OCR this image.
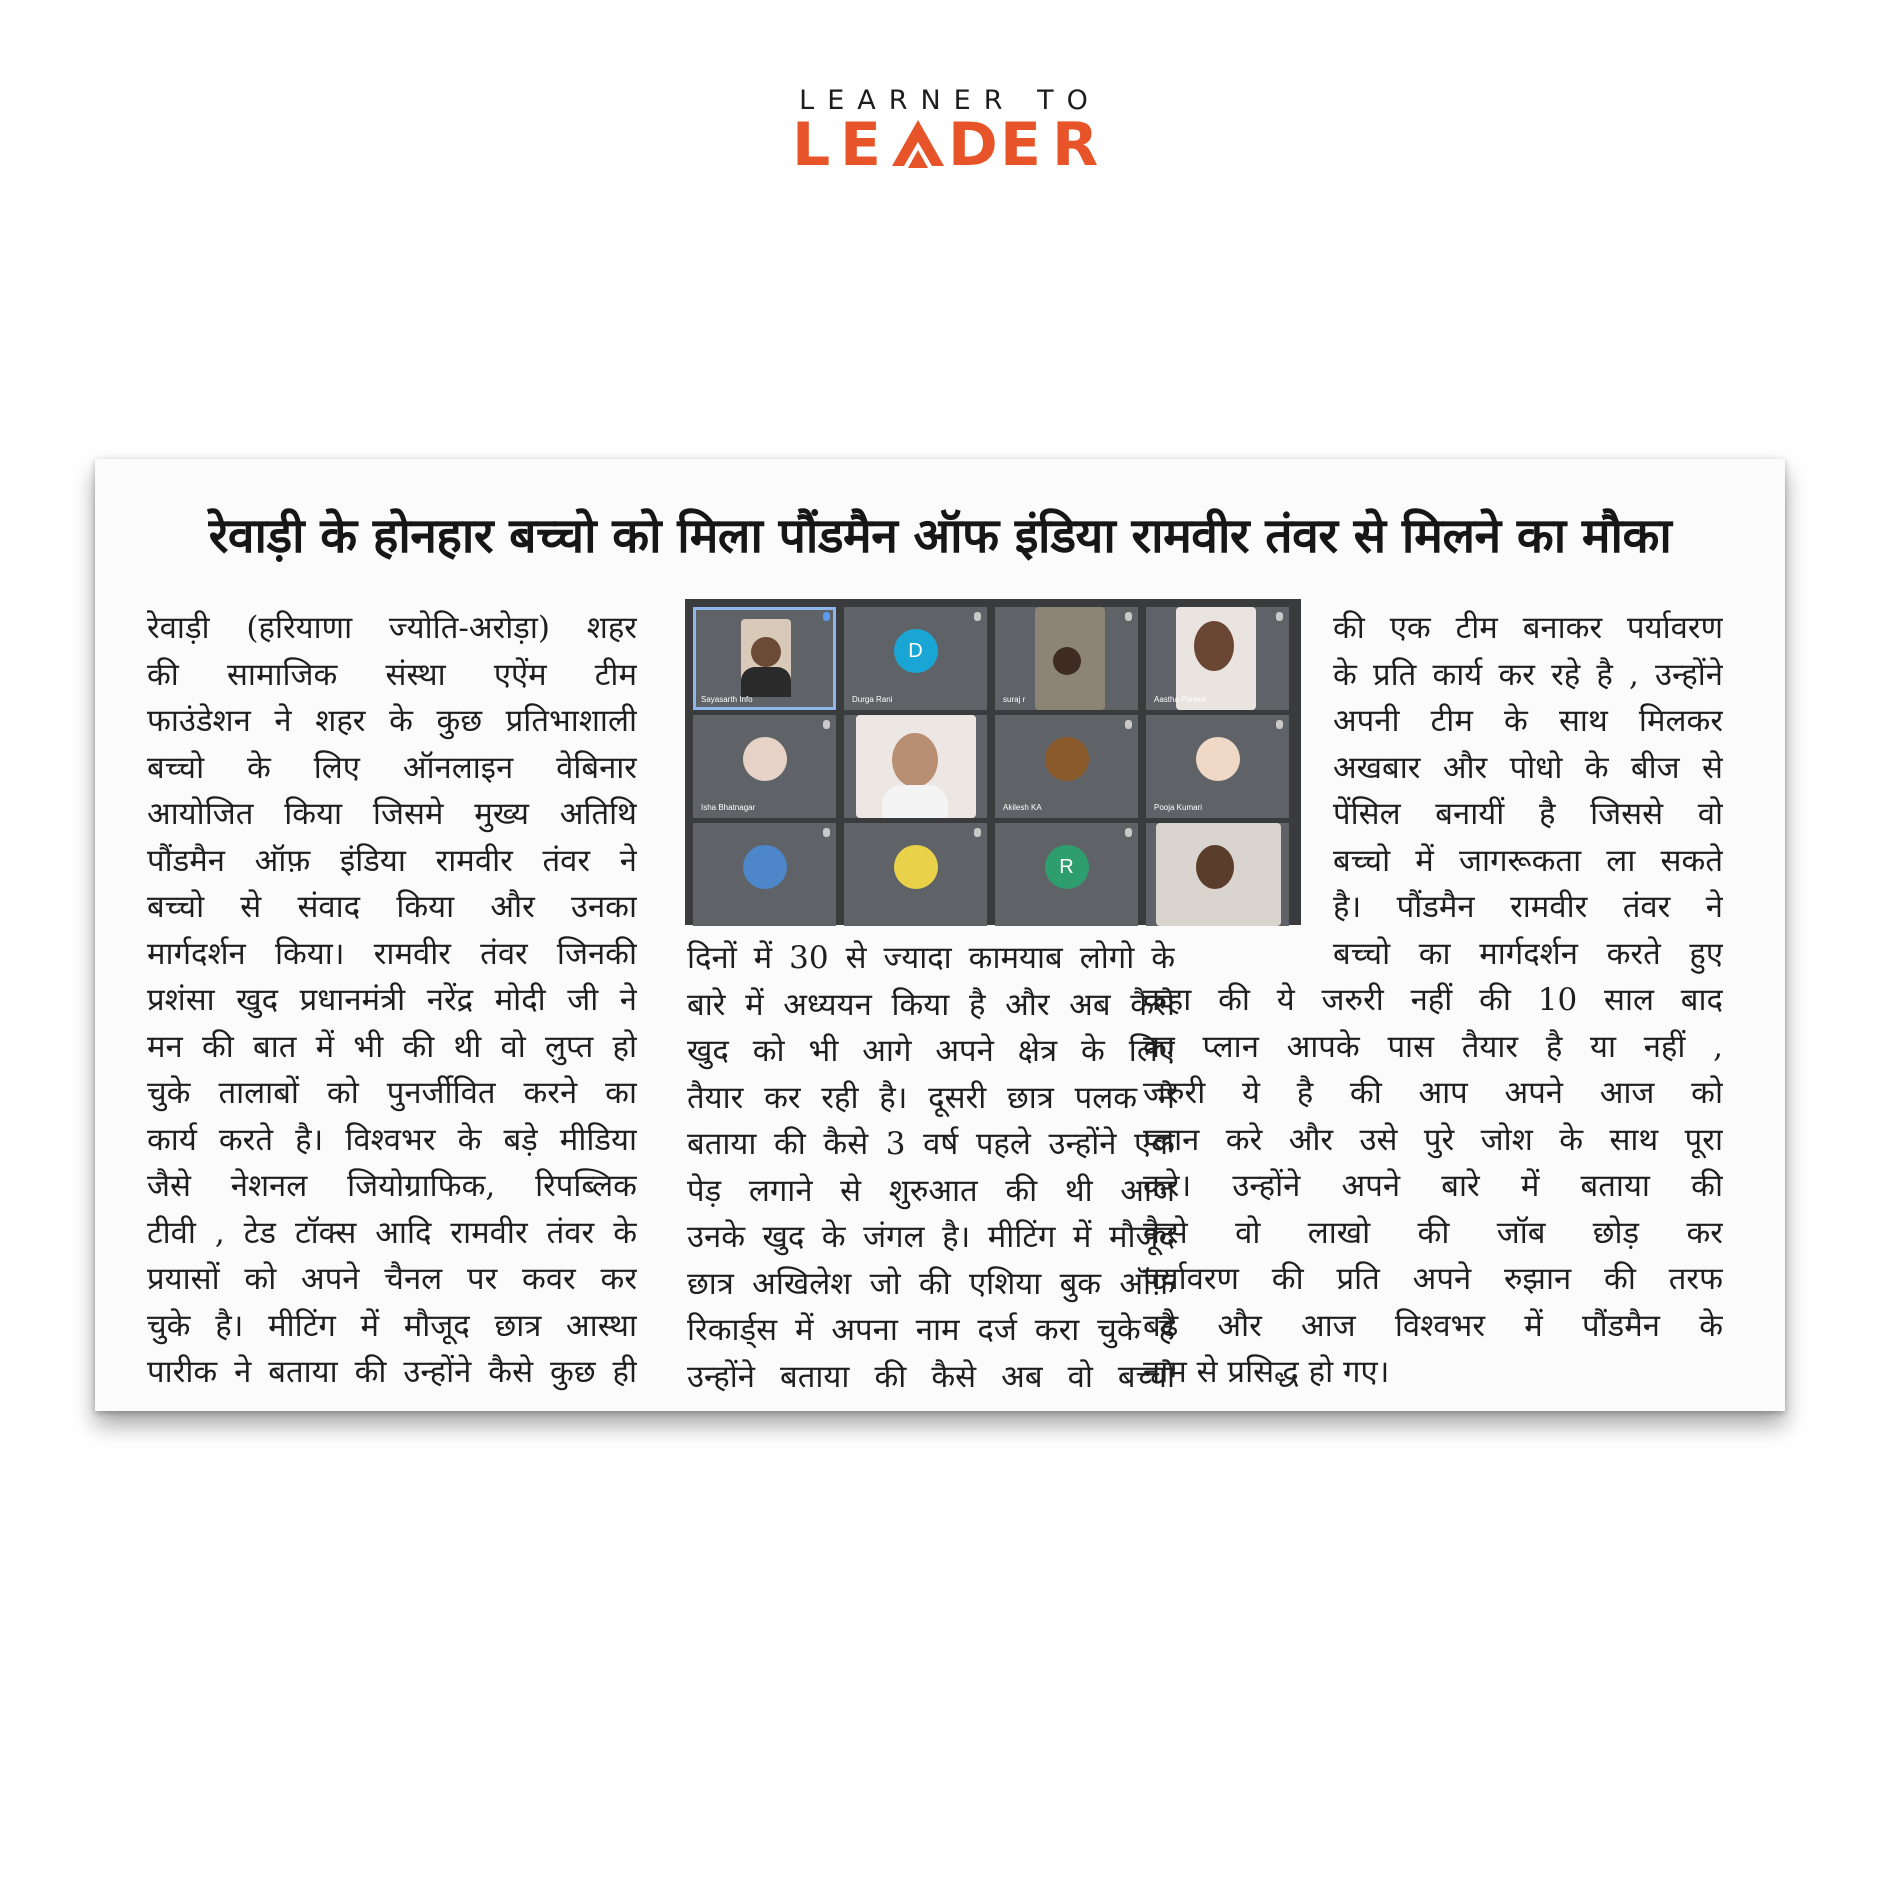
LEARNER TO
L E D E R
रेवाड़ी के होनहार बच्चो को मिला पौंडमैन ऑफ इंडिया रामवीर तंवर से मिलने का मौका
रेवाड़ी (हरियाणा ज्योति-अरोड़ा) शहर
की सामाजिक संस्था एऐंम टीम
फाउंडेशन ने शहर के कुछ प्रतिभाशाली
बच्चो के लिए ऑनलाइन वेबिनार
आयोजित किया जिसमे मुख्य अतिथि
पौंडमैन ऑफ़ इंडिया रामवीर तंवर ने
बच्चो से संवाद किया और उनका
मार्गदर्शन किया। रामवीर तंवर जिनकी
प्रशंसा खुद प्रधानमंत्री नरेंद्र मोदी जी ने
मन की बात में भी की थी वो लुप्त हो
चुके तालाबों को पुनर्जीवित करने का
कार्य करते है। विश्वभर के बड़े मीडिया
जैसे नेशनल जियोग्राफिक, रिपब्लिक
टीवी , टेड टॉक्स आदि रामवीर तंवर के
प्रयासों को अपने चैनल पर कवर कर
चुके है। मीटिंग में मौजूद छात्र आस्था
पारीक ने बताया की उन्होंने कैसे कुछ ही
Sayasarth Info
D
Durga Rani	suraj r	Aastha Pareek
Isha Bhatnagar	Akilesh KA	Pooja Kumari
R
दिनों में 30 से ज्यादा कामयाब लोगो के
बारे में अध्ययन किया है और अब कैसे
खुद को भी आगे अपने क्षेत्र के लिए
तैयार कर रही है। दूसरी छात्र पलक ने
बताया की कैसे 3 वर्ष पहले उन्होंने एक
पेड़ लगाने से शुरुआत की थी आज
उनके खुद के जंगल है। मीटिंग में मौजूद
छात्र अखिलेश जो की एशिया बुक ऑफ़
रिकार्ड्स में अपना नाम दर्ज करा चुके है
उन्होंने बताया की कैसे अब वो बच्चो
की एक टीम बनाकर पर्यावरण
के प्रति कार्य कर रहे है , उन्होंने
अपनी टीम के साथ मिलकर
अखबार और पोधो के बीज से
पेंसिल बनायीं है जिससे वो
बच्चो में जागरूकता ला सकते
है। पौंडमैन रामवीर तंवर ने
बच्चो का मार्गदर्शन करते हुए
कहा की ये जरुरी नहीं की 10 साल बाद
का प्लान आपके पास तैयार है या नहीं ,
जरुरी ये है की आप अपने आज को
प्लान करे और उसे पुरे जोश के साथ पूरा
करे। उन्होंने अपने बारे में बताया की
कैसे वो लाखो की जॉब छोड़ कर
पर्यावरण की प्रति अपने रुझान की तरफ
बढे और आज विश्वभर में पौंडमैन के
नाम से प्रसिद्ध हो गए।
